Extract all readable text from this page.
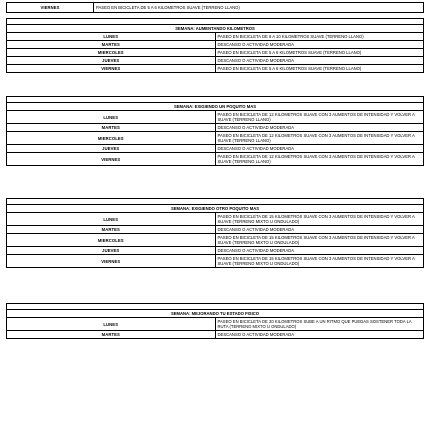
VIERNES	PASEO EN BICICLETA DE 5 A 6 KILOMETROS SUAVE (TERRENO LLANO)

SEMANA: AUMENTANDO KILOMETROS	
LUNES	PASEO EN BICICLETA DE 8 A 10 KILOMETROS SUAVE (TERRENO LLANO)
MARTES	DESCANSO O ACTIVIDAD MODERADA
MIERCOLES	PASEO EN BICICLETA DE 5 A 6 KILOMETROS SUAVE (TERRENO LLANO)
JUEVES	DESCANSO O ACTIVIDAD MODERADA
VIERNES	PASEO EN BICICLETA DE 5 A 6 KILOMETROS SUAVE (TERRENO LLANO)

SEMANA: EXIGIENDO UN POQUITO MAS	
LUNES	PASEO EN BICICLETA DE 12 KILOMETROS SUAVE CON 3 AUMENTOS DE INTENSIDAD Y VOLVER A SUAVE (TERRENO LLANO)
MARTES	DESCANSO O ACTIVIDAD MODERADA
MIERCOLES	PASEO EN BICICLETA DE 12 KILOMETROS SUAVE CON 3 AUMENTOS DE INTENSIDAD Y VOLVER A SUAVE (TERRENO LLANO)
JUEVES	DESCANSO O ACTIVIDAD MODERADA
VIERNES	PASEO EN BICICLETA DE 12 KILOMETROS SUAVE CON 3 AUMENTOS DE INTENSIDAD Y VOLVER A SUAVE (TERRENO LLANO)

SEMANA: EXIGIENDO OTRO POQUITO MAS	
LUNES	PASEO EN BICICLETA DE 15 KILOMETROS SUAVE CON 3 AUMENTOS DE INTENSIDAD Y VOLVER A SUAVE (TERRENO MIXTO U ONDULADO)
MARTES	DESCANSO O ACTIVIDAD MODERADA
MIERCOLES	PASEO EN BICICLETA DE 15 KILOMETROS SUAVE CON 3 AUMENTOS DE INTENSIDAD Y VOLVER A SUAVE (TERRENO MIXTO U ONDULADO)
JUEVES	DESCANSO O ACTIVIDAD MODERADA
VIERNES	PASEO EN BICICLETA DE 15 KILOMETROS SUAVE CON 3 AUMENTOS DE INTENSIDAD Y VOLVER A SUAVE (TERRENO MIXTO U ONDULADO)

SEMANA: MEJORANDO TU ESTADO FISICO	
LUNES	PASEO EN BICICLETA DE 20 KILOMETROS SUBE A UN RITMO QUE PUEDAS SOSTENER TODA LA RUTA (TERRENO MIXTO U ONDULADO)
MARTES	DESCANSO O ACTIVIDAD MODERADA
